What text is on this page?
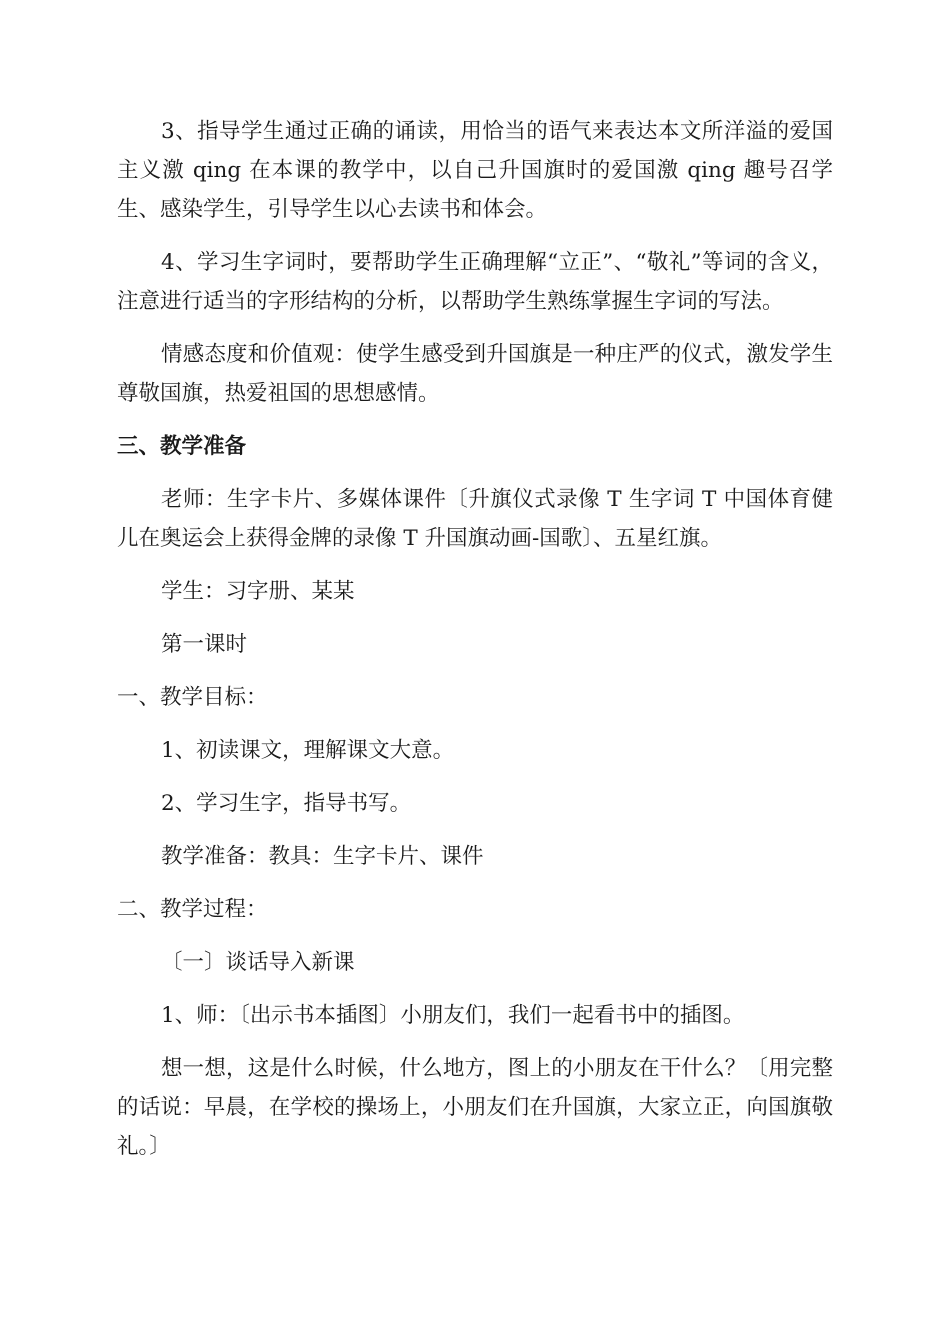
3、指导学生通过正确的诵读，用恰当的语气来表达本文所洋溢的爱国主义激 qing 在本课的教学中，以自己升国旗时的爱国激 qing 趣号召学生、感染学生，引导学生以心去读书和体会。

4、学习生字词时，要帮助学生正确理解“立正”、“敬礼”等词的含义，注意进行适当的字形结构的分析，以帮助学生熟练掌握生字词的写法。

情感态度和价值观：使学生感受到升国旗是一种庄严的仪式，激发学生尊敬国旗，热爱祖国的思想感情。

三、教学准备

老师：生字卡片、多媒体课件〔升旗仪式录像 T 生字词 T 中国体育健儿在奥运会上获得金牌的录像 T 升国旗动画-国歌〕、五星红旗。

学生：习字册、某某

第一课时

一、教学目标：

1、初读课文，理解课文大意。

2、学习生字，指导书写。

教学准备：教具：生字卡片、课件

二、教学过程：

〔一〕谈话导入新课

1、师：〔出示书本插图〕小朋友们，我们一起看书中的插图。

想一想，这是什么时候，什么地方，图上的小朋友在干什么？〔用完整的话说：早晨，在学校的操场上，小朋友们在升国旗，大家立正，向国旗敬礼。〕
